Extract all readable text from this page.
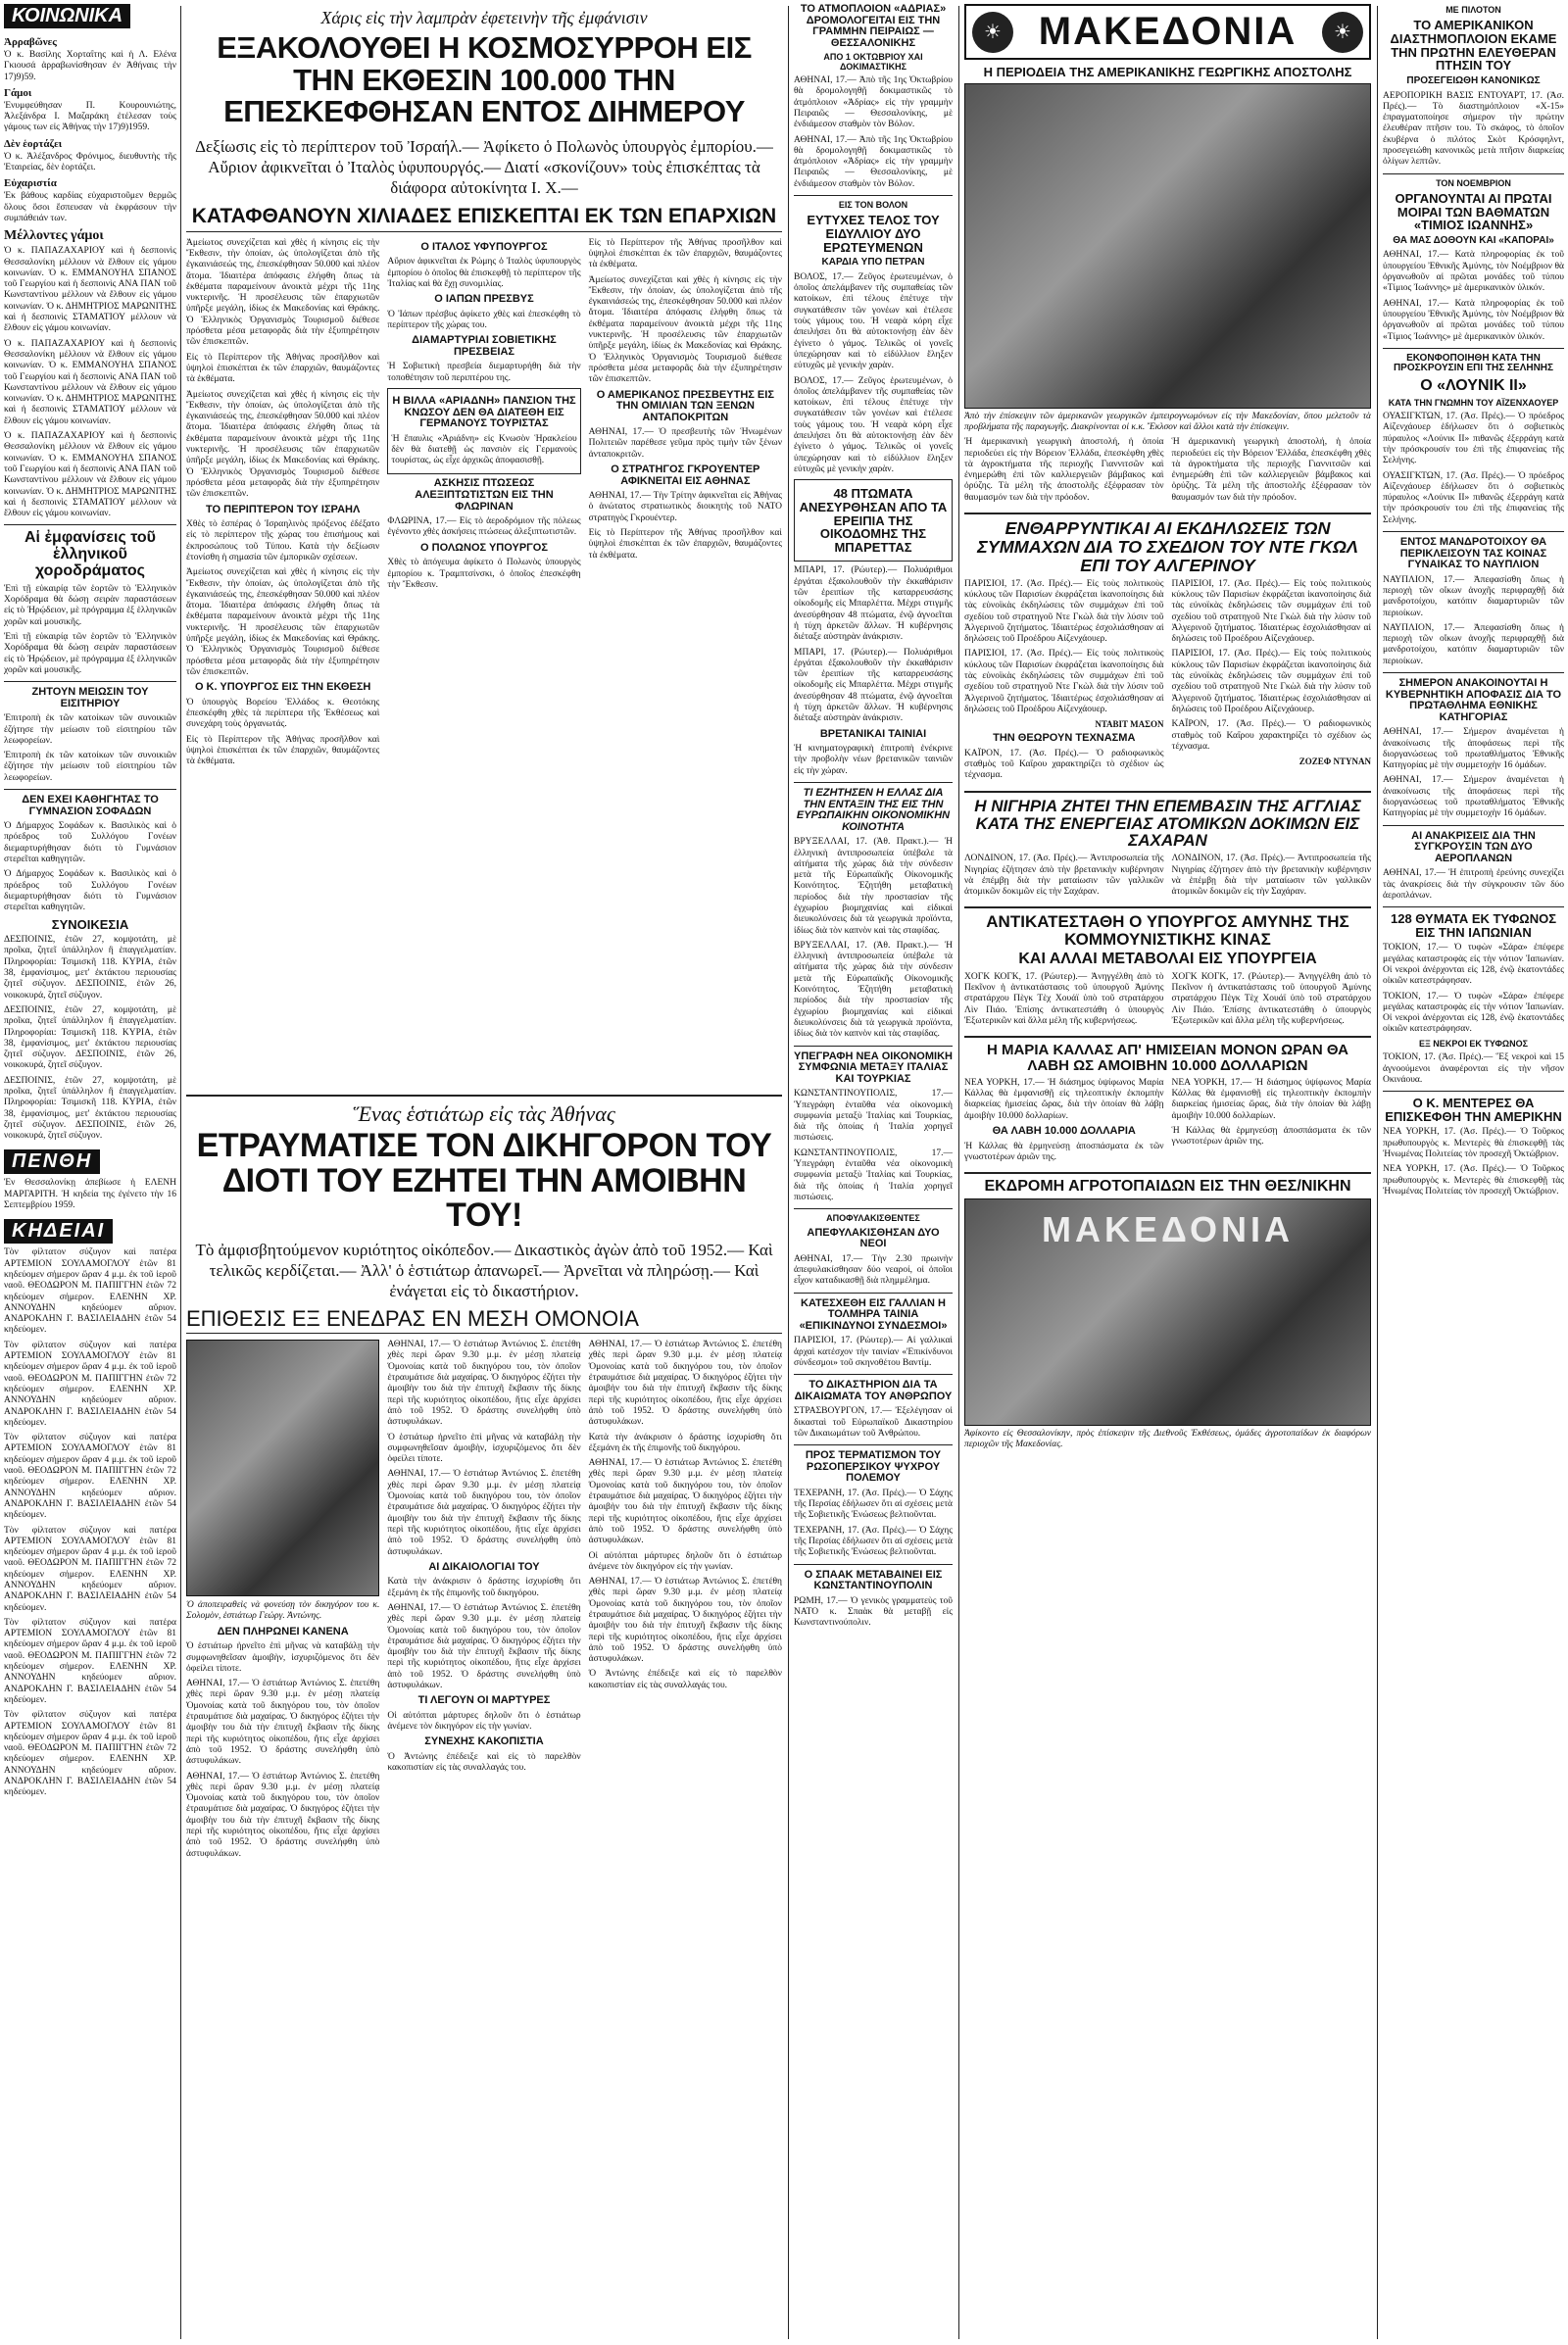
ΚΟΙΝΩΝΙΚΑ
Ἀρραβῶνες

Ὁ κ. Βασίλης Χορταΐτης καὶ ἡ Λ. Ελένα Γκιουσά ἀρραβωνίσθησαν ἐν Ἀθήναις τὴν 17)9)59.

Γάμοι

Ἐνυμφεύθησαν Π. Κουρουνιώτης, Ἀλεξάνδρα Ι. Μαζαράκη ἐτέλεσαν τοὺς γάμους των εἰς Ἀθήνας τὴν 17)9)1959.

Δὲν ἑορτάζει

Ὁ κ. Ἀλέξανδρος Φρόνιμος, διευθυντὴς τῆς Ἑταιρείας, δὲν ἑορτάζει.

Εὐχαριστία

Ἐκ βάθους καρδίας εὐχαριστοῦμεν θερμῶς ὅλους ὅσοι ἔσπευσαν νὰ ἐκφράσουν τὴν συμπάθειάν των.

Μέλλοντες γάμοι

Ὁ κ. ΠΑΠΑΖΑΧΑΡΙΟΥ καὶ ἡ δεσποινὶς Θεσσαλονίκη μέλλουν νὰ ἔλθουν εἰς γάμου κοινωνίαν. Ὁ κ. ΕΜΜΑΝΟΥΗΛ ΣΠΑΝΟΣ τοῦ Γεωργίου καὶ ἡ δεσποινὶς ΑΝΑ ΠΑΝ τοῦ Κωνσταντίνου μέλλουν νὰ ἔλθουν εἰς γάμου κοινωνίαν. Ὁ κ. ΔΗΜΗΤΡΙΟΣ ΜΑΡΩΝΙΤΗΣ καὶ ἡ δεσποινὶς ΣΤΑΜΑΤΙΟΥ μέλλουν νὰ ἔλθουν εἰς γάμου κοινωνίαν.

Ὁ κ. ΠΑΠΑΖΑΧΑΡΙΟΥ καὶ ἡ δεσποινὶς Θεσσαλονίκη μέλλουν νὰ ἔλθουν εἰς γάμου κοινωνίαν. Ὁ κ. ΕΜΜΑΝΟΥΗΛ ΣΠΑΝΟΣ τοῦ Γεωργίου καὶ ἡ δεσποινὶς ΑΝΑ ΠΑΝ τοῦ Κωνσταντίνου μέλλουν νὰ ἔλθουν εἰς γάμου κοινωνίαν. Ὁ κ. ΔΗΜΗΤΡΙΟΣ ΜΑΡΩΝΙΤΗΣ καὶ ἡ δεσποινὶς ΣΤΑΜΑΤΙΟΥ μέλλουν νὰ ἔλθουν εἰς γάμου κοινωνίαν.

Ὁ κ. ΠΑΠΑΖΑΧΑΡΙΟΥ καὶ ἡ δεσποινὶς Θεσσαλονίκη μέλλουν νὰ ἔλθουν εἰς γάμου κοινωνίαν. Ὁ κ. ΕΜΜΑΝΟΥΗΛ ΣΠΑΝΟΣ τοῦ Γεωργίου καὶ ἡ δεσποινὶς ΑΝΑ ΠΑΝ τοῦ Κωνσταντίνου μέλλουν νὰ ἔλθουν εἰς γάμου κοινωνίαν. Ὁ κ. ΔΗΜΗΤΡΙΟΣ ΜΑΡΩΝΙΤΗΣ καὶ ἡ δεσποινὶς ΣΤΑΜΑΤΙΟΥ μέλλουν νὰ ἔλθουν εἰς γάμου κοινωνίαν.

Αἱ ἐμφανίσεις τοῦ ἑλληνικοῦ χοροδράματος

Ἐπὶ τῇ εὐκαιρίᾳ τῶν ἑορτῶν τὸ Ἑλληνικὸν Χορόδραμα θὰ δώσῃ σειρὰν παραστάσεων εἰς τὸ Ἡρῴδειον, μὲ πρόγραμμα ἐξ ἑλληνικῶν χορῶν καὶ μουσικῆς.

Ἐπὶ τῇ εὐκαιρίᾳ τῶν ἑορτῶν τὸ Ἑλληνικὸν Χορόδραμα θὰ δώσῃ σειρὰν παραστάσεων εἰς τὸ Ἡρῴδειον, μὲ πρόγραμμα ἐξ ἑλληνικῶν χορῶν καὶ μουσικῆς.

ΖΗΤΟΥΝ ΜΕΙΩΣΙΝ ΤΟΥ ΕΙΣΙΤΗΡΙΟΥ

Ἐπιτροπὴ ἐκ τῶν κατοίκων τῶν συνοικιῶν ἐζήτησε τὴν μείωσιν τοῦ εἰσιτηρίου τῶν λεωφορείων.

Ἐπιτροπὴ ἐκ τῶν κατοίκων τῶν συνοικιῶν ἐζήτησε τὴν μείωσιν τοῦ εἰσιτηρίου τῶν λεωφορείων.

ΔΕΝ ΕΧΕΙ ΚΑΘΗΓΗΤΑΣ ΤΟ ΓΥΜΝΑΣΙΟΝ ΣΟΦΑΔΩΝ

Ὁ Δήμαρχος Σοφάδων κ. Βασιλικὸς καὶ ὁ πρόεδρος τοῦ Συλλόγου Γονέων διεμαρτυρήθησαν διότι τὸ Γυμνάσιον στερεῖται καθηγητῶν.

Ὁ Δήμαρχος Σοφάδων κ. Βασιλικὸς καὶ ὁ πρόεδρος τοῦ Συλλόγου Γονέων διεμαρτυρήθησαν διότι τὸ Γυμνάσιον στερεῖται καθηγητῶν.

ΣΥΝΟΙΚΕΣΙΑ

ΔΕΣΠΟΙΝΙΣ, ἐτῶν 27, κομψοτάτη, μὲ προῖκα, ζητεῖ ὑπάλληλον ἢ ἐπαγγελματίαν. Πληροφορίαι: Τσιμισκῆ 118. ΚΥΡΙΑ, ἐτῶν 38, ἐμφανίσιμος, μετ' ἐκτάκτου περιουσίας ζητεῖ σύζυγον. ΔΕΣΠΟΙΝΙΣ, ἐτῶν 26, νοικοκυρά, ζητεῖ σύζυγον.

ΔΕΣΠΟΙΝΙΣ, ἐτῶν 27, κομψοτάτη, μὲ προῖκα, ζητεῖ ὑπάλληλον ἢ ἐπαγγελματίαν. Πληροφορίαι: Τσιμισκῆ 118. ΚΥΡΙΑ, ἐτῶν 38, ἐμφανίσιμος, μετ' ἐκτάκτου περιουσίας ζητεῖ σύζυγον. ΔΕΣΠΟΙΝΙΣ, ἐτῶν 26, νοικοκυρά, ζητεῖ σύζυγον.

ΔΕΣΠΟΙΝΙΣ, ἐτῶν 27, κομψοτάτη, μὲ προῖκα, ζητεῖ ὑπάλληλον ἢ ἐπαγγελματίαν. Πληροφορίαι: Τσιμισκῆ 118. ΚΥΡΙΑ, ἐτῶν 38, ἐμφανίσιμος, μετ' ἐκτάκτου περιουσίας ζητεῖ σύζυγον. ΔΕΣΠΟΙΝΙΣ, ἐτῶν 26, νοικοκυρά, ζητεῖ σύζυγον.

ΠΕΝΘΗ

Ἐν Θεσσαλονίκῃ ἀπεβίωσε ἡ ΕΛΕΝΗ ΜΑΡΓΑΡΙΤΗ. Ἡ κηδεία της ἐγένετο τὴν 16 Σεπτεμβρίου 1959.

ΚΗΔΕΙΑΙ

Τὸν φίλτατον σύζυγον καὶ πατέρα ΑΡΤΕΜΙΟΝ ΣΟΥΛΑΜΟΓΛΟΥ ἐτῶν 81 κηδεύομεν σήμερον ὥραν 4 μ.μ. ἐκ τοῦ ἱεροῦ ναοῦ. ΘΕΟΔΩΡΟΝ Μ. ΠΑΠΙΓΓΗΝ ἐτῶν 72 κηδεύομεν σήμερον. ΕΛΕΝΗΝ ΧΡ. ΑΝΝΟΥΔΗΝ κηδεύομεν αὔριον. ΑΝΔΡΟΚΛΗΝ Γ. ΒΑΣΙΛΕΙΑΔΗΝ ἐτῶν 54 κηδεύομεν.

Τὸν φίλτατον σύζυγον καὶ πατέρα ΑΡΤΕΜΙΟΝ ΣΟΥΛΑΜΟΓΛΟΥ ἐτῶν 81 κηδεύομεν σήμερον ὥραν 4 μ.μ. ἐκ τοῦ ἱεροῦ ναοῦ. ΘΕΟΔΩΡΟΝ Μ. ΠΑΠΙΓΓΗΝ ἐτῶν 72 κηδεύομεν σήμερον. ΕΛΕΝΗΝ ΧΡ. ΑΝΝΟΥΔΗΝ κηδεύομεν αὔριον. ΑΝΔΡΟΚΛΗΝ Γ. ΒΑΣΙΛΕΙΑΔΗΝ ἐτῶν 54 κηδεύομεν.

Τὸν φίλτατον σύζυγον καὶ πατέρα ΑΡΤΕΜΙΟΝ ΣΟΥΛΑΜΟΓΛΟΥ ἐτῶν 81 κηδεύομεν σήμερον ὥραν 4 μ.μ. ἐκ τοῦ ἱεροῦ ναοῦ. ΘΕΟΔΩΡΟΝ Μ. ΠΑΠΙΓΓΗΝ ἐτῶν 72 κηδεύομεν σήμερον. ΕΛΕΝΗΝ ΧΡ. ΑΝΝΟΥΔΗΝ κηδεύομεν αὔριον. ΑΝΔΡΟΚΛΗΝ Γ. ΒΑΣΙΛΕΙΑΔΗΝ ἐτῶν 54 κηδεύομεν.

Τὸν φίλτατον σύζυγον καὶ πατέρα ΑΡΤΕΜΙΟΝ ΣΟΥΛΑΜΟΓΛΟΥ ἐτῶν 81 κηδεύομεν σήμερον ὥραν 4 μ.μ. ἐκ τοῦ ἱεροῦ ναοῦ. ΘΕΟΔΩΡΟΝ Μ. ΠΑΠΙΓΓΗΝ ἐτῶν 72 κηδεύομεν σήμερον. ΕΛΕΝΗΝ ΧΡ. ΑΝΝΟΥΔΗΝ κηδεύομεν αὔριον. ΑΝΔΡΟΚΛΗΝ Γ. ΒΑΣΙΛΕΙΑΔΗΝ ἐτῶν 54 κηδεύομεν.

Τὸν φίλτατον σύζυγον καὶ πατέρα ΑΡΤΕΜΙΟΝ ΣΟΥΛΑΜΟΓΛΟΥ ἐτῶν 81 κηδεύομεν σήμερον ὥραν 4 μ.μ. ἐκ τοῦ ἱεροῦ ναοῦ. ΘΕΟΔΩΡΟΝ Μ. ΠΑΠΙΓΓΗΝ ἐτῶν 72 κηδεύομεν σήμερον. ΕΛΕΝΗΝ ΧΡ. ΑΝΝΟΥΔΗΝ κηδεύομεν αὔριον. ΑΝΔΡΟΚΛΗΝ Γ. ΒΑΣΙΛΕΙΑΔΗΝ ἐτῶν 54 κηδεύομεν.

Τὸν φίλτατον σύζυγον καὶ πατέρα ΑΡΤΕΜΙΟΝ ΣΟΥΛΑΜΟΓΛΟΥ ἐτῶν 81 κηδεύομεν σήμερον ὥραν 4 μ.μ. ἐκ τοῦ ἱεροῦ ναοῦ. ΘΕΟΔΩΡΟΝ Μ. ΠΑΠΙΓΓΗΝ ἐτῶν 72 κηδεύομεν σήμερον. ΕΛΕΝΗΝ ΧΡ. ΑΝΝΟΥΔΗΝ κηδεύομεν αὔριον. ΑΝΔΡΟΚΛΗΝ Γ. ΒΑΣΙΛΕΙΑΔΗΝ ἐτῶν 54 κηδεύομεν.

Χάρις εἰς τὴν λαμπρὰν ἐφετεινὴν τῆς ἐμφάνισιν
ΕΞΑΚΟΛΟΥΘΕΙ Η ΚΟΣΜΟΣΥΡΡΟΗ ΕΙΣ ΤΗΝ ΕΚΘΕΣΙΝ 100.000 ΤΗΝ ΕΠΕΣΚΕΦΘΗΣΑΝ ΕΝΤΟΣ ΔΙΗΜΕΡΟΥ
Δεξίωσις εἰς τὸ περίπτερον τοῦ Ἰσραήλ.— Ἀφίκετο ὁ Πολωνὸς ὑπουργὸς ἐμπορίου.— Αὔριον ἀφικνεῖται ὁ Ἰταλὸς ὑφυπουργός.— Διατί «σκονίζουν» τοὺς ἐπισκέπτας τὰ διάφορα αὐτοκίνητα Ι. Χ.—
ΚΑΤΑΦΘΑΝΟΥΝ ΧΙΛΙΑΔΕΣ ΕΠΙΣΚΕΠΤΑΙ ΕΚ ΤΩΝ ΕΠΑΡΧΙΩΝ

Ἀμείωτος συνεχίζεται καὶ χθὲς ἡ κίνησις εἰς τὴν Ἔκθεσιν, τὴν ὁποίαν, ὡς ὑπολογίζεται ἀπὸ τῆς ἐγκαινιάσεώς της, ἐπεσκέφθησαν 50.000 καὶ πλέον ἄτομα. Ἰδιαιτέρα ἀπόφασις ἐλήφθη ὅπως τὰ ἐκθέματα παραμείνουν ἀνοικτὰ μέχρι τῆς 11ης νυκτερινῆς. Ἡ προσέλευσις τῶν ἐπαρχιωτῶν ὑπῆρξε μεγάλη, ἰδίως ἐκ Μακεδονίας καὶ Θράκης. Ὁ Ἑλληνικὸς Ὀργανισμὸς Τουρισμοῦ διέθεσε πρόσθετα μέσα μεταφορᾶς διὰ τὴν ἐξυπηρέτησιν τῶν ἐπισκεπτῶν.

Εἰς τὸ Περίπτερον τῆς Ἀθήνας προσῆλθον καὶ ὑψηλοὶ ἐπισκέπται ἐκ τῶν ἐπαρχιῶν, θαυμάζοντες τὰ ἐκθέματα.

Ἀμείωτος συνεχίζεται καὶ χθὲς ἡ κίνησις εἰς τὴν Ἔκθεσιν, τὴν ὁποίαν, ὡς ὑπολογίζεται ἀπὸ τῆς ἐγκαινιάσεώς της, ἐπεσκέφθησαν 50.000 καὶ πλέον ἄτομα. Ἰδιαιτέρα ἀπόφασις ἐλήφθη ὅπως τὰ ἐκθέματα παραμείνουν ἀνοικτὰ μέχρι τῆς 11ης νυκτερινῆς. Ἡ προσέλευσις τῶν ἐπαρχιωτῶν ὑπῆρξε μεγάλη, ἰδίως ἐκ Μακεδονίας καὶ Θράκης. Ὁ Ἑλληνικὸς Ὀργανισμὸς Τουρισμοῦ διέθεσε πρόσθετα μέσα μεταφορᾶς διὰ τὴν ἐξυπηρέτησιν τῶν ἐπισκεπτῶν.

ΤΟ ΠΕΡΙΠΤΕΡΟΝ ΤΟΥ ΙΣΡΑΗΛ

Χθὲς τὸ ἑσπέρας ὁ Ἰσραηλινὸς πρόξενος ἐδέξατο εἰς τὸ περίπτερον τῆς χώρας του ἐπισήμους καὶ ἐκπροσώπους τοῦ Τύπου. Κατὰ τὴν δεξίωσιν ἐτονίσθη ἡ σημασία τῶν ἐμπορικῶν σχέσεων.

Ἀμείωτος συνεχίζεται καὶ χθὲς ἡ κίνησις εἰς τὴν Ἔκθεσιν, τὴν ὁποίαν, ὡς ὑπολογίζεται ἀπὸ τῆς ἐγκαινιάσεώς της, ἐπεσκέφθησαν 50.000 καὶ πλέον ἄτομα. Ἰδιαιτέρα ἀπόφασις ἐλήφθη ὅπως τὰ ἐκθέματα παραμείνουν ἀνοικτὰ μέχρι τῆς 11ης νυκτερινῆς. Ἡ προσέλευσις τῶν ἐπαρχιωτῶν ὑπῆρξε μεγάλη, ἰδίως ἐκ Μακεδονίας καὶ Θράκης. Ὁ Ἑλληνικὸς Ὀργανισμὸς Τουρισμοῦ διέθεσε πρόσθετα μέσα μεταφορᾶς διὰ τὴν ἐξυπηρέτησιν τῶν ἐπισκεπτῶν.

Ο Κ. ΥΠΟΥΡΓΟΣ ΕΙΣ ΤΗΝ ΕΚΘΕΣΗ

Ὁ ὑπουργὸς Βορείου Ἑλλάδος κ. Θεοτόκης ἐπεσκέφθη χθὲς τὰ περίπτερα τῆς Ἐκθέσεως καὶ συνεχάρη τοὺς ὀργανωτάς.

Εἰς τὸ Περίπτερον τῆς Ἀθήνας προσῆλθον καὶ ὑψηλοὶ ἐπισκέπται ἐκ τῶν ἐπαρχιῶν, θαυμάζοντες τὰ ἐκθέματα.

Ο ΙΤΑΛΟΣ ΥΦΥΠΟΥΡΓΟΣ

Αὔριον ἀφικνεῖται ἐκ Ρώμης ὁ Ἰταλὸς ὑφυπουργὸς ἐμπορίου ὁ ὁποῖος θὰ ἐπισκεφθῇ τὸ περίπτερον τῆς Ἰταλίας καὶ θὰ ἔχῃ συνομιλίας.

Ο ΙΑΠΩΝ ΠΡΕΣΒΥΣ

Ὁ Ἰάπων πρέσβυς ἀφίκετο χθὲς καὶ ἐπεσκέφθη τὸ περίπτερον τῆς χώρας του.

ΔΙΑΜΑΡΤΥΡΙΑΙ ΣΟΒΙΕΤΙΚΗΣ ΠΡΕΣΒΕΙΑΣ

Ἡ Σοβιετικὴ πρεσβεία διεμαρτυρήθη διὰ τὴν τοποθέτησιν τοῦ περιπτέρου της.

Η ΒΙΛΛΑ «ΑΡΙΑΔΝΗ» ΠΑΝΣΙΟΝ ΤΗΣ ΚΝΩΣΟΥ ΔΕΝ ΘΑ ΔΙΑΤΕΘΗ ΕΙΣ ΓΕΡΜΑΝΟΥΣ ΤΟΥΡΙΣΤΑΣ

Ἡ ἔπαυλις «Ἀριάδνη» εἰς Κνωσὸν Ἡρακλείου δὲν θὰ διατεθῇ ὡς πανσιὸν εἰς Γερμανοὺς τουρίστας, ὡς εἶχε ἀρχικῶς ἀποφασισθῇ.

ΑΣΚΗΣΙΣ ΠΤΩΣΕΩΣ ΑΛΕΞΙΠΤΩΤΙΣΤΩΝ ΕΙΣ ΤΗΝ ΦΛΩΡΙΝΑΝ

ΦΛΩΡΙΝΑ, 17.— Εἰς τὸ ἀεροδρόμιον τῆς πόλεως ἐγένοντο χθὲς ἀσκήσεις πτώσεως ἀλεξιπτωτιστῶν.

Ο ΠΟΛΩΝΟΣ ΥΠΟΥΡΓΟΣ

Χθὲς τὸ ἀπόγευμα ἀφίκετο ὁ Πολωνὸς ὑπουργὸς ἐμπορίου κ. Τραμπτσίνσκι, ὁ ὁποῖος ἐπεσκέφθη τὴν Ἔκθεσιν.

Εἰς τὸ Περίπτερον τῆς Ἀθήνας προσῆλθον καὶ ὑψηλοὶ ἐπισκέπται ἐκ τῶν ἐπαρχιῶν, θαυμάζοντες τὰ ἐκθέματα.

Ἀμείωτος συνεχίζεται καὶ χθὲς ἡ κίνησις εἰς τὴν Ἔκθεσιν, τὴν ὁποίαν, ὡς ὑπολογίζεται ἀπὸ τῆς ἐγκαινιάσεώς της, ἐπεσκέφθησαν 50.000 καὶ πλέον ἄτομα. Ἰδιαιτέρα ἀπόφασις ἐλήφθη ὅπως τὰ ἐκθέματα παραμείνουν ἀνοικτὰ μέχρι τῆς 11ης νυκτερινῆς. Ἡ προσέλευσις τῶν ἐπαρχιωτῶν ὑπῆρξε μεγάλη, ἰδίως ἐκ Μακεδονίας καὶ Θράκης. Ὁ Ἑλληνικὸς Ὀργανισμὸς Τουρισμοῦ διέθεσε πρόσθετα μέσα μεταφορᾶς διὰ τὴν ἐξυπηρέτησιν τῶν ἐπισκεπτῶν.

Ο ΑΜΕΡΙΚΑΝΟΣ ΠΡΕΣΒΕΥΤΗΣ ΕΙΣ ΤΗΝ ΟΜΙΛΙΑΝ ΤΩΝ ΞΕΝΩΝ ΑΝΤΑΠΟΚΡΙΤΩΝ

ΑΘΗΝΑΙ, 17.— Ὁ πρεσβευτὴς τῶν Ἡνωμένων Πολιτειῶν παρέθεσε γεῦμα πρὸς τιμὴν τῶν ξένων ἀνταποκριτῶν.

Ο ΣΤΡΑΤΗΓΟΣ ΓΚΡΟΥΕΝΤΕΡ ΑΦΙΚΝΕΙΤΑΙ ΕΙΣ ΑΘΗΝΑΣ

ΑΘΗΝΑΙ, 17.— Τὴν Τρίτην ἀφικνεῖται εἰς Ἀθήνας ὁ ἀνώτατος στρατιωτικὸς διοικητὴς τοῦ ΝΑΤΟ στρατηγὸς Γκρουέντερ.

Εἰς τὸ Περίπτερον τῆς Ἀθήνας προσῆλθον καὶ ὑψηλοὶ ἐπισκέπται ἐκ τῶν ἐπαρχιῶν, θαυμάζοντες τὰ ἐκθέματα.

Ἕνας ἑστιάτωρ εἰς τὰς Ἀθήνας
ΕΤΡΑΥΜΑΤΙΣΕ ΤΟΝ ΔΙΚΗΓΟΡΟΝ ΤΟΥ ΔΙΟΤΙ ΤΟΥ ΕΖΗΤΕΙ ΤΗΝ ΑΜΟΙΒΗΝ ΤΟΥ!
Τὸ ἀμφισβητούμενον κυριότητος οἰκόπεδον.— Δικαστικὸς ἀγὼν ἀπὸ τοῦ 1952.— Καὶ τελικῶς κερδίζεται.— Ἀλλ' ὁ ἑστιάτωρ ἀπανωρεῖ.— Ἀρνεῖται νὰ πληρώσῃ.— Καὶ ἐνάγεται εἰς τὸ δικαστήριον.
ΕΠΙΘΕΣΙΣ ΕΞ ΕΝΕΔΡΑΣ ΕΝ ΜΕΣΗ ΟΜΟΝΟΙΑ

Ὁ ἀποπειραθεὶς νὰ φονεύσῃ τὸν δικηγόρον του κ. Σολομὸν, ἑστιάτωρ Γεώργ. Ἀντώνης.

ΔΕΝ ΠΛΗΡΩΝΕΙ ΚΑΝΕΝΑ

Ὁ ἑστιάτωρ ἠρνεῖτο ἐπὶ μῆνας νὰ καταβάλῃ τὴν συμφωνηθεῖσαν ἀμοιβὴν, ἰσχυριζόμενος ὅτι δὲν ὀφείλει τίποτε.

ΑΘΗΝΑΙ, 17.— Ὁ ἑστιάτωρ Ἀντώνιος Σ. ἐπετέθη χθὲς περὶ ὥραν 9.30 μ.μ. ἐν μέσῃ πλατείᾳ Ὁμονοίας κατὰ τοῦ δικηγόρου του, τὸν ὁποῖον ἐτραυμάτισε διὰ μαχαίρας. Ὁ δικηγόρος ἐζήτει τὴν ἀμοιβὴν του διὰ τὴν ἐπιτυχῆ ἔκβασιν τῆς δίκης περὶ τῆς κυριότητος οἰκοπέδου, ἥτις εἶχε ἀρχίσει ἀπὸ τοῦ 1952. Ὁ δράστης συνελήφθη ὑπὸ ἀστυφυλάκων.

ΑΘΗΝΑΙ, 17.— Ὁ ἑστιάτωρ Ἀντώνιος Σ. ἐπετέθη χθὲς περὶ ὥραν 9.30 μ.μ. ἐν μέσῃ πλατείᾳ Ὁμονοίας κατὰ τοῦ δικηγόρου του, τὸν ὁποῖον ἐτραυμάτισε διὰ μαχαίρας. Ὁ δικηγόρος ἐζήτει τὴν ἀμοιβὴν του διὰ τὴν ἐπιτυχῆ ἔκβασιν τῆς δίκης περὶ τῆς κυριότητος οἰκοπέδου, ἥτις εἶχε ἀρχίσει ἀπὸ τοῦ 1952. Ὁ δράστης συνελήφθη ὑπὸ ἀστυφυλάκων.

ΑΘΗΝΑΙ, 17.— Ὁ ἑστιάτωρ Ἀντώνιος Σ. ἐπετέθη χθὲς περὶ ὥραν 9.30 μ.μ. ἐν μέσῃ πλατείᾳ Ὁμονοίας κατὰ τοῦ δικηγόρου του, τὸν ὁποῖον ἐτραυμάτισε διὰ μαχαίρας. Ὁ δικηγόρος ἐζήτει τὴν ἀμοιβὴν του διὰ τὴν ἐπιτυχῆ ἔκβασιν τῆς δίκης περὶ τῆς κυριότητος οἰκοπέδου, ἥτις εἶχε ἀρχίσει ἀπὸ τοῦ 1952. Ὁ δράστης συνελήφθη ὑπὸ ἀστυφυλάκων.

Ὁ ἑστιάτωρ ἠρνεῖτο ἐπὶ μῆνας νὰ καταβάλῃ τὴν συμφωνηθεῖσαν ἀμοιβὴν, ἰσχυριζόμενος ὅτι δὲν ὀφείλει τίποτε.

ΑΘΗΝΑΙ, 17.— Ὁ ἑστιάτωρ Ἀντώνιος Σ. ἐπετέθη χθὲς περὶ ὥραν 9.30 μ.μ. ἐν μέσῃ πλατείᾳ Ὁμονοίας κατὰ τοῦ δικηγόρου του, τὸν ὁποῖον ἐτραυμάτισε διὰ μαχαίρας. Ὁ δικηγόρος ἐζήτει τὴν ἀμοιβὴν του διὰ τὴν ἐπιτυχῆ ἔκβασιν τῆς δίκης περὶ τῆς κυριότητος οἰκοπέδου, ἥτις εἶχε ἀρχίσει ἀπὸ τοῦ 1952. Ὁ δράστης συνελήφθη ὑπὸ ἀστυφυλάκων.

ΑΙ ΔΙΚΑΙΟΛΟΓΙΑΙ ΤΟΥ

Κατὰ τὴν ἀνάκρισιν ὁ δράστης ἰσχυρίσθη ὅτι ἐξεμάνη ἐκ τῆς ἐπιμονῆς τοῦ δικηγόρου.

ΑΘΗΝΑΙ, 17.— Ὁ ἑστιάτωρ Ἀντώνιος Σ. ἐπετέθη χθὲς περὶ ὥραν 9.30 μ.μ. ἐν μέσῃ πλατείᾳ Ὁμονοίας κατὰ τοῦ δικηγόρου του, τὸν ὁποῖον ἐτραυμάτισε διὰ μαχαίρας. Ὁ δικηγόρος ἐζήτει τὴν ἀμοιβὴν του διὰ τὴν ἐπιτυχῆ ἔκβασιν τῆς δίκης περὶ τῆς κυριότητος οἰκοπέδου, ἥτις εἶχε ἀρχίσει ἀπὸ τοῦ 1952. Ὁ δράστης συνελήφθη ὑπὸ ἀστυφυλάκων.

ΤΙ ΛΕΓΟΥΝ ΟΙ ΜΑΡΤΥΡΕΣ

Οἱ αὐτόπται μάρτυρες δηλοῦν ὅτι ὁ ἑστιάτωρ ἀνέμενε τὸν δικηγόρον εἰς τὴν γωνίαν.

ΣΥΝΕΧΗΣ ΚΑΚΟΠΙΣΤΙΑ

Ὁ Ἀντώνης ἐπέδειξε καὶ εἰς τὸ παρελθὸν κακοπιστίαν εἰς τὰς συναλλαγάς του.

ΑΘΗΝΑΙ, 17.— Ὁ ἑστιάτωρ Ἀντώνιος Σ. ἐπετέθη χθὲς περὶ ὥραν 9.30 μ.μ. ἐν μέσῃ πλατείᾳ Ὁμονοίας κατὰ τοῦ δικηγόρου του, τὸν ὁποῖον ἐτραυμάτισε διὰ μαχαίρας. Ὁ δικηγόρος ἐζήτει τὴν ἀμοιβὴν του διὰ τὴν ἐπιτυχῆ ἔκβασιν τῆς δίκης περὶ τῆς κυριότητος οἰκοπέδου, ἥτις εἶχε ἀρχίσει ἀπὸ τοῦ 1952. Ὁ δράστης συνελήφθη ὑπὸ ἀστυφυλάκων.

Κατὰ τὴν ἀνάκρισιν ὁ δράστης ἰσχυρίσθη ὅτι ἐξεμάνη ἐκ τῆς ἐπιμονῆς τοῦ δικηγόρου.

ΑΘΗΝΑΙ, 17.— Ὁ ἑστιάτωρ Ἀντώνιος Σ. ἐπετέθη χθὲς περὶ ὥραν 9.30 μ.μ. ἐν μέσῃ πλατείᾳ Ὁμονοίας κατὰ τοῦ δικηγόρου του, τὸν ὁποῖον ἐτραυμάτισε διὰ μαχαίρας. Ὁ δικηγόρος ἐζήτει τὴν ἀμοιβὴν του διὰ τὴν ἐπιτυχῆ ἔκβασιν τῆς δίκης περὶ τῆς κυριότητος οἰκοπέδου, ἥτις εἶχε ἀρχίσει ἀπὸ τοῦ 1952. Ὁ δράστης συνελήφθη ὑπὸ ἀστυφυλάκων.

Οἱ αὐτόπται μάρτυρες δηλοῦν ὅτι ὁ ἑστιάτωρ ἀνέμενε τὸν δικηγόρον εἰς τὴν γωνίαν.

ΑΘΗΝΑΙ, 17.— Ὁ ἑστιάτωρ Ἀντώνιος Σ. ἐπετέθη χθὲς περὶ ὥραν 9.30 μ.μ. ἐν μέσῃ πλατείᾳ Ὁμονοίας κατὰ τοῦ δικηγόρου του, τὸν ὁποῖον ἐτραυμάτισε διὰ μαχαίρας. Ὁ δικηγόρος ἐζήτει τὴν ἀμοιβὴν του διὰ τὴν ἐπιτυχῆ ἔκβασιν τῆς δίκης περὶ τῆς κυριότητος οἰκοπέδου, ἥτις εἶχε ἀρχίσει ἀπὸ τοῦ 1952. Ὁ δράστης συνελήφθη ὑπὸ ἀστυφυλάκων.

Ὁ Ἀντώνης ἐπέδειξε καὶ εἰς τὸ παρελθὸν κακοπιστίαν εἰς τὰς συναλλαγάς του.

ΤΟ ΑΤΜΟΠΛΟΙΟΝ «ΑΔΡΙΑΣ» ΔΡΟΜΟΛΟΓΕΙΤΑΙ ΕΙΣ ΤΗΝ ΓΡΑΜΜΗΝ ΠΕΙΡΑΙΩΣ — ΘΕΣΣΑΛΟΝΙΚΗΣ
ΑΠΟ 1 ΟΚΤΩΒΡΙΟΥ ΧΑΙ ΔΟΚΙΜΑΣΤΙΚΗΣ

ΑΘΗΝΑΙ, 17.— Ἀπὸ τῆς 1ης Ὀκτωβρίου θὰ δρομολογηθῇ δοκιμαστικῶς τὸ ἀτμόπλοιον «Ἀδρίας» εἰς τὴν γραμμὴν Πειραιῶς — Θεσσαλονίκης, μὲ ἐνδιάμεσον σταθμὸν τὸν Βόλον.

ΑΘΗΝΑΙ, 17.— Ἀπὸ τῆς 1ης Ὀκτωβρίου θὰ δρομολογηθῇ δοκιμαστικῶς τὸ ἀτμόπλοιον «Ἀδρίας» εἰς τὴν γραμμὴν Πειραιῶς — Θεσσαλονίκης, μὲ ἐνδιάμεσον σταθμὸν τὸν Βόλον.

ΕΙΣ ΤΟΝ ΒΟΛΟΝ
ΕΥΤΥΧΕΣ ΤΕΛΟΣ ΤΟΥ ΕΙΔΥΛΛΙΟΥ ΔΥΟ ΕΡΩΤΕΥΜΕΝΩΝ
ΚΑΡΔΙΑ ΥΠΟ ΠΕΤΡΑΝ

ΒΟΛΟΣ, 17.— Ζεῦγος ἐρωτευμένων, ὁ ὁποῖος ἀπελάμβανεν τῆς συμπαθείας τῶν κατοίκων, ἐπὶ τέλους ἐπέτυχε τὴν συγκατάθεσιν τῶν γονέων καὶ ἐτέλεσε τοὺς γάμους του. Ἡ νεαρὰ κόρη εἶχε ἀπειλήσει ὅτι θὰ αὐτοκτονήσῃ ἐὰν δὲν ἐγίνετο ὁ γάμος. Τελικῶς οἱ γονεῖς ὑπεχώρησαν καὶ τὸ εἰδύλλιον ἔληξεν εὐτυχῶς μὲ γενικὴν χαρὰν.

ΒΟΛΟΣ, 17.— Ζεῦγος ἐρωτευμένων, ὁ ὁποῖος ἀπελάμβανεν τῆς συμπαθείας τῶν κατοίκων, ἐπὶ τέλους ἐπέτυχε τὴν συγκατάθεσιν τῶν γονέων καὶ ἐτέλεσε τοὺς γάμους του. Ἡ νεαρὰ κόρη εἶχε ἀπειλήσει ὅτι θὰ αὐτοκτονήσῃ ἐὰν δὲν ἐγίνετο ὁ γάμος. Τελικῶς οἱ γονεῖς ὑπεχώρησαν καὶ τὸ εἰδύλλιον ἔληξεν εὐτυχῶς μὲ γενικὴν χαρὰν.

48 ΠΤΩΜΑΤΑ ΑΝΕΣΥΡΘΗΣΑΝ ΑΠΟ ΤΑ ΕΡΕΙΠΙΑ ΤΗΣ ΟΙΚΟΔΟΜΗΣ ΤΗΣ ΜΠΑΡΕΤΤΑΣ

ΜΠΑΡΙ, 17. (Ρώυτερ).— Πολυάριθμοι ἐργάται ἐξακολουθοῦν τὴν ἐκκαθάρισιν τῶν ἐρειπίων τῆς καταρρευσάσης οἰκοδομῆς εἰς Μπαρλέττα. Μέχρι στιγμῆς ἀνεσύρθησαν 48 πτώματα, ἐνῷ ἀγνοεῖται ἡ τύχη ἀρκετῶν ἄλλων. Ἡ κυβέρνησις διέταξε αὐστηρὰν ἀνάκρισιν.

ΜΠΑΡΙ, 17. (Ρώυτερ).— Πολυάριθμοι ἐργάται ἐξακολουθοῦν τὴν ἐκκαθάρισιν τῶν ἐρειπίων τῆς καταρρευσάσης οἰκοδομῆς εἰς Μπαρλέττα. Μέχρι στιγμῆς ἀνεσύρθησαν 48 πτώματα, ἐνῷ ἀγνοεῖται ἡ τύχη ἀρκετῶν ἄλλων. Ἡ κυβέρνησις διέταξε αὐστηρὰν ἀνάκρισιν.

ΒΡΕΤΑΝΙΚΑΙ ΤΑΙΝΙΑΙ

Ἡ κινηματογραφικὴ ἐπιτροπὴ ἐνέκρινε τὴν προβολὴν νέων βρετανικῶν ταινιῶν εἰς τὴν χώραν.

ΤΙ ΕΖΗΤΗΣΕΝ Η ΕΛΛΑΣ ΔΙΑ ΤΗΝ ΕΝΤΑΞΙΝ ΤΗΣ ΕΙΣ ΤΗΝ ΕΥΡΩΠΑΙΚΗΝ ΟΙΚΟΝΟΜΙΚΗΝ ΚΟΙΝΟΤΗΤΑ

ΒΡΥΞΕΛΛΑΙ, 17. (Ἀθ. Πρακτ.).— Ἡ ἑλληνικὴ ἀντιπροσωπεία ὑπέβαλε τὰ αἰτήματα τῆς χώρας διὰ τὴν σύνδεσιν μετὰ τῆς Εὐρωπαϊκῆς Οἰκονομικῆς Κοινότητος. Ἐζητήθη μεταβατικὴ περίοδος διὰ τὴν προστασίαν τῆς ἐγχωρίου βιομηχανίας καὶ εἰδικαὶ διευκολύνσεις διὰ τὰ γεωργικὰ προϊόντα, ἰδίως διὰ τὸν καπνὸν καὶ τὰς σταφίδας.

ΒΡΥΞΕΛΛΑΙ, 17. (Ἀθ. Πρακτ.).— Ἡ ἑλληνικὴ ἀντιπροσωπεία ὑπέβαλε τὰ αἰτήματα τῆς χώρας διὰ τὴν σύνδεσιν μετὰ τῆς Εὐρωπαϊκῆς Οἰκονομικῆς Κοινότητος. Ἐζητήθη μεταβατικὴ περίοδος διὰ τὴν προστασίαν τῆς ἐγχωρίου βιομηχανίας καὶ εἰδικαὶ διευκολύνσεις διὰ τὰ γεωργικὰ προϊόντα, ἰδίως διὰ τὸν καπνὸν καὶ τὰς σταφίδας.

ΥΠΕΓΡΑΦΗ ΝΕΑ ΟΙΚΟΝΟΜΙΚΗ ΣΥΜΦΩΝΙΑ ΜΕΤΑΞΥ ΙΤΑΛΙΑΣ ΚΑΙ ΤΟΥΡΚΙΑΣ

ΚΩΝΣΤΑΝΤΙΝΟΥΠΟΛΙΣ, 17.— Ὑπεγράφη ἐνταῦθα νέα οἰκονομικὴ συμφωνία μεταξὺ Ἰταλίας καὶ Τουρκίας, διὰ τῆς ὁποίας ἡ Ἰταλία χορηγεῖ πιστώσεις.

ΚΩΝΣΤΑΝΤΙΝΟΥΠΟΛΙΣ, 17.— Ὑπεγράφη ἐνταῦθα νέα οἰκονομικὴ συμφωνία μεταξὺ Ἰταλίας καὶ Τουρκίας, διὰ τῆς ὁποίας ἡ Ἰταλία χορηγεῖ πιστώσεις.

ΑΠΟΦΥΛΑΚΙΣΘΕΝΤΕΣ
ΑΠΕΦΥΛΑΚΙΣΘΗΣΑΝ ΔΥΟ ΝΕΟΙ

ΑΘΗΝΑΙ, 17.— Τὴν 2.30 πρωινὴν ἀπεφυλακίσθησαν δύο νεαροί, οἱ ὁποῖοι εἶχον καταδικασθῇ διὰ πλημμέλημα.

ΚΑΤΕΣΧΕΘΗ ΕΙΣ ΓΑΛΛΙΑΝ Η ΤΟΛΜΗΡΑ ΤΑΙΝΙΑ «ΕΠΙΚΙΝΔΥΝΟΙ ΣΥΝΔΕΣΜΟΙ»

ΠΑΡΙΣΙΟΙ, 17. (Ρώυτερ).— Αἱ γαλλικαὶ ἀρχαὶ κατέσχον τὴν ταινίαν «Ἐπικίνδυνοι σύνδεσμοι» τοῦ σκηνοθέτου Βαντίμ.

ΤΟ ΔΙΚΑΣΤΗΡΙΟΝ ΔΙΑ ΤΑ ΔΙΚΑΙΩΜΑΤΑ ΤΟΥ ΑΝΘΡΩΠΟΥ

ΣΤΡΑΣΒΟΥΡΓΟΝ, 17.— Ἐξελέγησαν οἱ δικασταὶ τοῦ Εὐρωπαϊκοῦ Δικαστηρίου τῶν Δικαιωμάτων τοῦ Ἀνθρώπου.

ΠΡΟΣ ΤΕΡΜΑΤΙΣΜΟΝ ΤΟΥ ΡΩΣΟΠΕΡΣΙΚΟΥ ΨΥΧΡΟΥ ΠΟΛΕΜΟΥ

ΤΕΧΕΡΑΝΗ, 17. (Ἀσ. Πρές).— Ὁ Σάχης τῆς Περσίας ἐδήλωσεν ὅτι αἱ σχέσεις μετὰ τῆς Σοβιετικῆς Ἑνώσεως βελτιοῦνται.

ΤΕΧΕΡΑΝΗ, 17. (Ἀσ. Πρές).— Ὁ Σάχης τῆς Περσίας ἐδήλωσεν ὅτι αἱ σχέσεις μετὰ τῆς Σοβιετικῆς Ἑνώσεως βελτιοῦνται.

Ο ΣΠΑΑΚ ΜΕΤΑΒΑΙΝΕΙ ΕΙΣ ΚΩΝΣΤΑΝΤΙΝΟΥΠΟΛΙΝ

ΡΩΜΗ, 17.— Ὁ γενικὸς γραμματεὺς τοῦ ΝΑΤΟ κ. Σπαὰκ θὰ μεταβῇ εἰς Κωνσταντινούπολιν.

☀ ΜΑΚΕΔΟΝΙΑ	☀
Η ΠΕΡΙΟΔΕΙΑ ΤΗΣ ΑΜΕΡΙΚΑΝΙΚΗΣ ΓΕΩΡΓΙΚΗΣ ΑΠΟΣΤΟΛΗΣ

Ἀπὸ τὴν ἐπίσκεψιν τῶν ἀμερικανῶν γεωργικῶν ἐμπειρογνωμόνων εἰς τὴν Μακεδονίαν, ὅπου μελετοῦν τὰ προβλήματα τῆς παραγωγῆς. Διακρίνονται οἱ κ.κ. Ἔκλσον καὶ ἄλλοι κατὰ τὴν ἐπίσκεψιν.

Ἡ ἀμερικανικὴ γεωργικὴ ἀποστολή, ἡ ὁποία περιοδεύει εἰς τὴν Βόρειον Ἑλλάδα, ἐπεσκέφθη χθὲς τὰ ἀγροκτήματα τῆς περιοχῆς Γιαννιτσῶν καὶ ἐνημερώθη ἐπὶ τῶν καλλιεργειῶν βάμβακος καὶ ὀρύζης. Τὰ μέλη τῆς ἀποστολῆς ἐξέφρασαν τὸν θαυμασμόν των διὰ τὴν πρόοδον.

Ἡ ἀμερικανικὴ γεωργικὴ ἀποστολή, ἡ ὁποία περιοδεύει εἰς τὴν Βόρειον Ἑλλάδα, ἐπεσκέφθη χθὲς τὰ ἀγροκτήματα τῆς περιοχῆς Γιαννιτσῶν καὶ ἐνημερώθη ἐπὶ τῶν καλλιεργειῶν βάμβακος καὶ ὀρύζης. Τὰ μέλη τῆς ἀποστολῆς ἐξέφρασαν τὸν θαυμασμόν των διὰ τὴν πρόοδον.

ΕΝΘΑΡΡΥΝΤΙΚΑΙ ΑΙ ΕΚΔΗΛΩΣΕΙΣ ΤΩΝ ΣΥΜΜΑΧΩΝ ΔΙΑ ΤΟ ΣΧΕΔΙΟΝ ΤΟΥ ΝΤΕ ΓΚΩΛ ΕΠΙ ΤΟΥ ΑΛΓΕΡΙΝΟΥ

ΠΑΡΙΣΙΟΙ, 17. (Ἀσ. Πρές).— Εἰς τοὺς πολιτικοὺς κύκλους τῶν Παρισίων ἐκφράζεται ἱκανοποίησις διὰ τὰς εὐνοϊκὰς ἐκδηλώσεις τῶν συμμάχων ἐπὶ τοῦ σχεδίου τοῦ στρατηγοῦ Ντε Γκὼλ διὰ τὴν λύσιν τοῦ Ἀλγερινοῦ ζητήματος. Ἰδιαιτέρως ἐσχολιάσθησαν αἱ δηλώσεις τοῦ Προέδρου Αἰζενχάουερ.

ΠΑΡΙΣΙΟΙ, 17. (Ἀσ. Πρές).— Εἰς τοὺς πολιτικοὺς κύκλους τῶν Παρισίων ἐκφράζεται ἱκανοποίησις διὰ τὰς εὐνοϊκὰς ἐκδηλώσεις τῶν συμμάχων ἐπὶ τοῦ σχεδίου τοῦ στρατηγοῦ Ντε Γκὼλ διὰ τὴν λύσιν τοῦ Ἀλγερινοῦ ζητήματος. Ἰδιαιτέρως ἐσχολιάσθησαν αἱ δηλώσεις τοῦ Προέδρου Αἰζενχάουερ.

ΝΤΑΒΙΤ ΜΑΣΟΝ
ΤΗΝ ΘΕΩΡΟΥΝ ΤΕΧΝΑΣΜΑ

ΚΑΪΡΟΝ, 17. (Ἀσ. Πρές).— Ὁ ραδιοφωνικὸς σταθμὸς τοῦ Καΐρου χαρακτηρίζει τὸ σχέδιον ὡς τέχνασμα.

ΠΑΡΙΣΙΟΙ, 17. (Ἀσ. Πρές).— Εἰς τοὺς πολιτικοὺς κύκλους τῶν Παρισίων ἐκφράζεται ἱκανοποίησις διὰ τὰς εὐνοϊκὰς ἐκδηλώσεις τῶν συμμάχων ἐπὶ τοῦ σχεδίου τοῦ στρατηγοῦ Ντε Γκὼλ διὰ τὴν λύσιν τοῦ Ἀλγερινοῦ ζητήματος. Ἰδιαιτέρως ἐσχολιάσθησαν αἱ δηλώσεις τοῦ Προέδρου Αἰζενχάουερ.

ΠΑΡΙΣΙΟΙ, 17. (Ἀσ. Πρές).— Εἰς τοὺς πολιτικοὺς κύκλους τῶν Παρισίων ἐκφράζεται ἱκανοποίησις διὰ τὰς εὐνοϊκὰς ἐκδηλώσεις τῶν συμμάχων ἐπὶ τοῦ σχεδίου τοῦ στρατηγοῦ Ντε Γκὼλ διὰ τὴν λύσιν τοῦ Ἀλγερινοῦ ζητήματος. Ἰδιαιτέρως ἐσχολιάσθησαν αἱ δηλώσεις τοῦ Προέδρου Αἰζενχάουερ.

ΚΑΪΡΟΝ, 17. (Ἀσ. Πρές).— Ὁ ραδιοφωνικὸς σταθμὸς τοῦ Καΐρου χαρακτηρίζει τὸ σχέδιον ὡς τέχνασμα.

ΖΟΖΕΦ ΝΤΥΝΑΝ
Η ΝΙΓΗΡΙΑ ΖΗΤΕΙ ΤΗΝ ΕΠΕΜΒΑΣΙΝ ΤΗΣ ΑΓΓΛΙΑΣ ΚΑΤΑ ΤΗΣ ΕΝΕΡΓΕΙΑΣ ΑΤΟΜΙΚΩΝ ΔΟΚΙΜΩΝ ΕΙΣ ΣΑΧΑΡΑΝ

ΛΟΝΔΙΝΟΝ, 17. (Ἀσ. Πρές).— Ἀντιπροσωπεία τῆς Νιγηρίας ἐζήτησεν ἀπὸ τὴν βρετανικὴν κυβέρνησιν νὰ ἐπέμβῃ διὰ τὴν ματαίωσιν τῶν γαλλικῶν ἀτομικῶν δοκιμῶν εἰς τὴν Σαχάραν.

ΛΟΝΔΙΝΟΝ, 17. (Ἀσ. Πρές).— Ἀντιπροσωπεία τῆς Νιγηρίας ἐζήτησεν ἀπὸ τὴν βρετανικὴν κυβέρνησιν νὰ ἐπέμβῃ διὰ τὴν ματαίωσιν τῶν γαλλικῶν ἀτομικῶν δοκιμῶν εἰς τὴν Σαχάραν.

ΑΝΤΙΚΑΤΕΣΤΑΘΗ Ο ΥΠΟΥΡΓΟΣ ΑΜΥΝΗΣ ΤΗΣ ΚΟΜΜΟΥΝΙΣΤΙΚΗΣ ΚΙΝΑΣ
ΚΑΙ ΑΛΛΑΙ ΜΕΤΑΒΟΛΑΙ ΕΙΣ ΥΠΟΥΡΓΕΙΑ

ΧΟΓΚ ΚΟΓΚ, 17. (Ρώυτερ).— Ἀνηγγέλθη ἀπὸ τὸ Πεκῖνον ἡ ἀντικατάστασις τοῦ ὑπουργοῦ Ἀμύνης στρατάρχου Πὲγκ Τὲχ Χουάϊ ὑπὸ τοῦ στρατάρχου Λὶν Πιάο. Ἐπίσης ἀντικατεστάθη ὁ ὑπουργὸς Ἐξωτερικῶν καὶ ἄλλα μέλη τῆς κυβερνήσεως.

ΧΟΓΚ ΚΟΓΚ, 17. (Ρώυτερ).— Ἀνηγγέλθη ἀπὸ τὸ Πεκῖνον ἡ ἀντικατάστασις τοῦ ὑπουργοῦ Ἀμύνης στρατάρχου Πὲγκ Τὲχ Χουάϊ ὑπὸ τοῦ στρατάρχου Λὶν Πιάο. Ἐπίσης ἀντικατεστάθη ὁ ὑπουργὸς Ἐξωτερικῶν καὶ ἄλλα μέλη τῆς κυβερνήσεως.

Η ΜΑΡΙΑ ΚΑΛΛΑΣ ΑΠ' ΗΜΙΣΕΙΑΝ ΜΟΝΟΝ ΩΡΑΝ ΘΑ ΛΑΒΗ ΩΣ ΑΜΟΙΒΗΝ 10.000 ΔΟΛΛΑΡΙΩΝ

ΝΕΑ ΥΟΡΚΗ, 17.— Ἡ διάσημος ὑψίφωνος Μαρία Κάλλας θὰ ἐμφανισθῇ εἰς τηλεοπτικὴν ἐκπομπὴν διαρκείας ἡμισείας ὥρας, διὰ τὴν ὁποίαν θὰ λάβῃ ἀμοιβὴν 10.000 δολλαρίων.

ΘΑ ΛΑΒΗ 10.000 ΔΟΛΛΑΡΙΑ

Ἡ Κάλλας θὰ ἑρμηνεύσῃ ἀποσπάσματα ἐκ τῶν γνωστοτέρων ἀριῶν της.

ΝΕΑ ΥΟΡΚΗ, 17.— Ἡ διάσημος ὑψίφωνος Μαρία Κάλλας θὰ ἐμφανισθῇ εἰς τηλεοπτικὴν ἐκπομπὴν διαρκείας ἡμισείας ὥρας, διὰ τὴν ὁποίαν θὰ λάβῃ ἀμοιβὴν 10.000 δολλαρίων.

Ἡ Κάλλας θὰ ἑρμηνεύσῃ ἀποσπάσματα ἐκ τῶν γνωστοτέρων ἀριῶν της.

ΕΚΔΡΟΜΗ ΑΓΡΟΤΟΠΑΙΔΩΝ ΕΙΣ ΤΗΝ ΘΕΣ/ΝΙΚΗΝ
ΜΑΚΕΔΟΝΙΑ

Ἀφίκοντο εἰς Θεσσαλονίκην, πρὸς ἐπίσκεψιν τῆς Διεθνοῦς Ἐκθέσεως, ὁμάδες ἀγροτοπαίδων ἐκ διαφόρων περιοχῶν τῆς Μακεδονίας.

ΜΕ ΠΙΛΟΤΟΝ
ΤΟ ΑΜΕΡΙΚΑΝΙΚΟΝ ΔΙΑΣΤΗΜΟΠΛΟΙΟΝ ΕΚΑΜΕ ΤΗΝ ΠΡΩΤΗΝ ΕΛΕΥΘΕΡΑΝ ΠΤΗΣΙΝ ΤΟΥ
ΠΡΟΣΕΓΕΙΩΘΗ ΚΑΝΟΝΙΚΩΣ

ΑΕΡΟΠΟΡΙΚΗ ΒΑΣΙΣ ΕΝΤΟΥΑΡΤ, 17. (Ἀσ. Πρές).— Τὸ διαστημόπλοιον «Χ-15» ἐπραγματοποίησε σήμερον τὴν πρώτην ἐλευθέραν πτῆσιν του. Τὸ σκάφος, τὸ ὁποῖον ἐκυβέρνα ὁ πιλότος Σκὸτ Κρόσφηλντ, προσεγειώθη κανονικῶς μετὰ πτῆσιν διαρκείας ὀλίγων λεπτῶν.

ΤΟΝ ΝΟΕΜΒΡΙΟΝ
ΟΡΓΑΝΟΥΝΤΑΙ ΑΙ ΠΡΩΤΑΙ ΜΟΙΡΑΙ ΤΩΝ ΒΑΘΜΑΤΩΝ «ΤΙΜΙΟΣ ΙΩΑΝΝΗΣ»
ΘΑ ΜΑΣ ΔΟΘΟΥΝ ΚΑΙ «ΚΑΠΟΡΑΙ»

ΑΘΗΝΑΙ, 17.— Κατὰ πληροφορίας ἐκ τοῦ ὑπουργείου Ἐθνικῆς Ἀμύνης, τὸν Νοέμβριον θὰ ὀργανωθοῦν αἱ πρῶται μονάδες τοῦ τύπου «Τίμιος Ἰωάννης» μὲ ἀμερικανικὸν ὑλικόν.

ΑΘΗΝΑΙ, 17.— Κατὰ πληροφορίας ἐκ τοῦ ὑπουργείου Ἐθνικῆς Ἀμύνης, τὸν Νοέμβριον θὰ ὀργανωθοῦν αἱ πρῶται μονάδες τοῦ τύπου «Τίμιος Ἰωάννης» μὲ ἀμερικανικὸν ὑλικόν.

ΕΚΟΝΦΟΠΟΙΗΘΗ ΚΑΤΑ ΤΗΝ ΠΡΟΣΚΡΟΥΣΙΝ ΕΠΙ ΤΗΣ ΣΕΛΗΝΗΣ
Ο «ΛΟΥΝΙΚ ΙΙ»
ΚΑΤΑ ΤΗΝ ΓΝΩΜΗΝ ΤΟΥ ΑΪΖΕΝΧΑΟΥΕΡ

ΟΥΑΣΙΓΚΤΩΝ, 17. (Ἀσ. Πρές).— Ὁ πρόεδρος Αἰζενχάουερ ἐδήλωσεν ὅτι ὁ σοβιετικὸς πύραυλος «Λούνικ ΙΙ» πιθανῶς ἐξερράγη κατὰ τὴν πρόσκρουσίν του ἐπὶ τῆς ἐπιφανείας τῆς Σελήνης.

ΟΥΑΣΙΓΚΤΩΝ, 17. (Ἀσ. Πρές).— Ὁ πρόεδρος Αἰζενχάουερ ἐδήλωσεν ὅτι ὁ σοβιετικὸς πύραυλος «Λούνικ ΙΙ» πιθανῶς ἐξερράγη κατὰ τὴν πρόσκρουσίν του ἐπὶ τῆς ἐπιφανείας τῆς Σελήνης.

ΕΝΤΟΣ ΜΑΝΔΡΟΤΟΙΧΟΥ ΘΑ ΠΕΡΙΚΛΕΙΣΟΥΝ ΤΑΣ ΚΟΙΝΑΣ ΓΥΝΑΙΚΑΣ ΤΟ ΝΑΥΠΛΙΟΝ

ΝΑΥΠΛΙΟΝ, 17.— Ἀπεφασίσθη ὅπως ἡ περιοχὴ τῶν οἴκων ἀνοχῆς περιφραχθῇ διὰ μανδροτοίχου, κατόπιν διαμαρτυριῶν τῶν περιοίκων.

ΝΑΥΠΛΙΟΝ, 17.— Ἀπεφασίσθη ὅπως ἡ περιοχὴ τῶν οἴκων ἀνοχῆς περιφραχθῇ διὰ μανδροτοίχου, κατόπιν διαμαρτυριῶν τῶν περιοίκων.

ΣΗΜΕΡΟΝ ΑΝΑΚΟΙΝΟΥΤΑΙ Η ΚΥΒΕΡΝΗΤΙΚΗ ΑΠΟΦΑΣΙΣ ΔΙΑ ΤΟ ΠΡΩΤΑΘΛΗΜΑ ΕΘΝΙΚΗΣ ΚΑΤΗΓΟΡΙΑΣ

ΑΘΗΝΑΙ, 17.— Σήμερον ἀναμένεται ἡ ἀνακοίνωσις τῆς ἀποφάσεως περὶ τῆς διοργανώσεως τοῦ πρωταθλήματος Ἐθνικῆς Κατηγορίας μὲ τὴν συμμετοχὴν 16 ὁμάδων.

ΑΘΗΝΑΙ, 17.— Σήμερον ἀναμένεται ἡ ἀνακοίνωσις τῆς ἀποφάσεως περὶ τῆς διοργανώσεως τοῦ πρωταθλήματος Ἐθνικῆς Κατηγορίας μὲ τὴν συμμετοχὴν 16 ὁμάδων.

ΑΙ ΑΝΑΚΡΙΣΕΙΣ ΔΙΑ ΤΗΝ ΣΥΓΚΡΟΥΣΙΝ ΤΩΝ ΔΥΟ ΑΕΡΟΠΛΑΝΩΝ

ΑΘΗΝΑΙ, 17.— Ἡ ἐπιτροπὴ ἐρεύνης συνεχίζει τὰς ἀνακρίσεις διὰ τὴν σύγκρουσιν τῶν δύο ἀεροπλάνων.

128 ΘΥΜΑΤΑ ΕΚ ΤΥΦΩΝΟΣ ΕΙΣ ΤΗΝ ΙΑΠΩΝΙΑΝ

ΤΟΚΙΟΝ, 17.— Ὁ τυφὼν «Σάρα» ἐπέφερε μεγάλας καταστροφὰς εἰς τὴν νότιον Ἰαπωνίαν. Οἱ νεκροὶ ἀνέρχονται εἰς 128, ἐνῷ ἑκατοντάδες οἰκιῶν κατεστράφησαν.

ΤΟΚΙΟΝ, 17.— Ὁ τυφὼν «Σάρα» ἐπέφερε μεγάλας καταστροφὰς εἰς τὴν νότιον Ἰαπωνίαν. Οἱ νεκροὶ ἀνέρχονται εἰς 128, ἐνῷ ἑκατοντάδες οἰκιῶν κατεστράφησαν.

ΕΞ ΝΕΚΡΟΙ ΕΚ ΤΥΦΩΝΟΣ

ΤΟΚΙΟΝ, 17. (Ἀσ. Πρές).— Ἕξ νεκροὶ καὶ 15 ἀγνοούμενοι ἀναφέρονται εἰς τὴν νῆσον Οκινάουα.

Ο Κ. ΜΕΝΤΕΡΕΣ ΘΑ ΕΠΙΣΚΕΦΘΗ ΤΗΝ ΑΜΕΡΙΚΗΝ

ΝΕΑ ΥΟΡΚΗ, 17. (Ἀσ. Πρές).— Ὁ Τοῦρκος πρωθυπουργὸς κ. Μεντερὲς θὰ ἐπισκεφθῇ τὰς Ἡνωμένας Πολιτείας τὸν προσεχῆ Ὀκτώβριον.

ΝΕΑ ΥΟΡΚΗ, 17. (Ἀσ. Πρές).— Ὁ Τοῦρκος πρωθυπουργὸς κ. Μεντερὲς θὰ ἐπισκεφθῇ τὰς Ἡνωμένας Πολιτείας τὸν προσεχῆ Ὀκτώβριον.
